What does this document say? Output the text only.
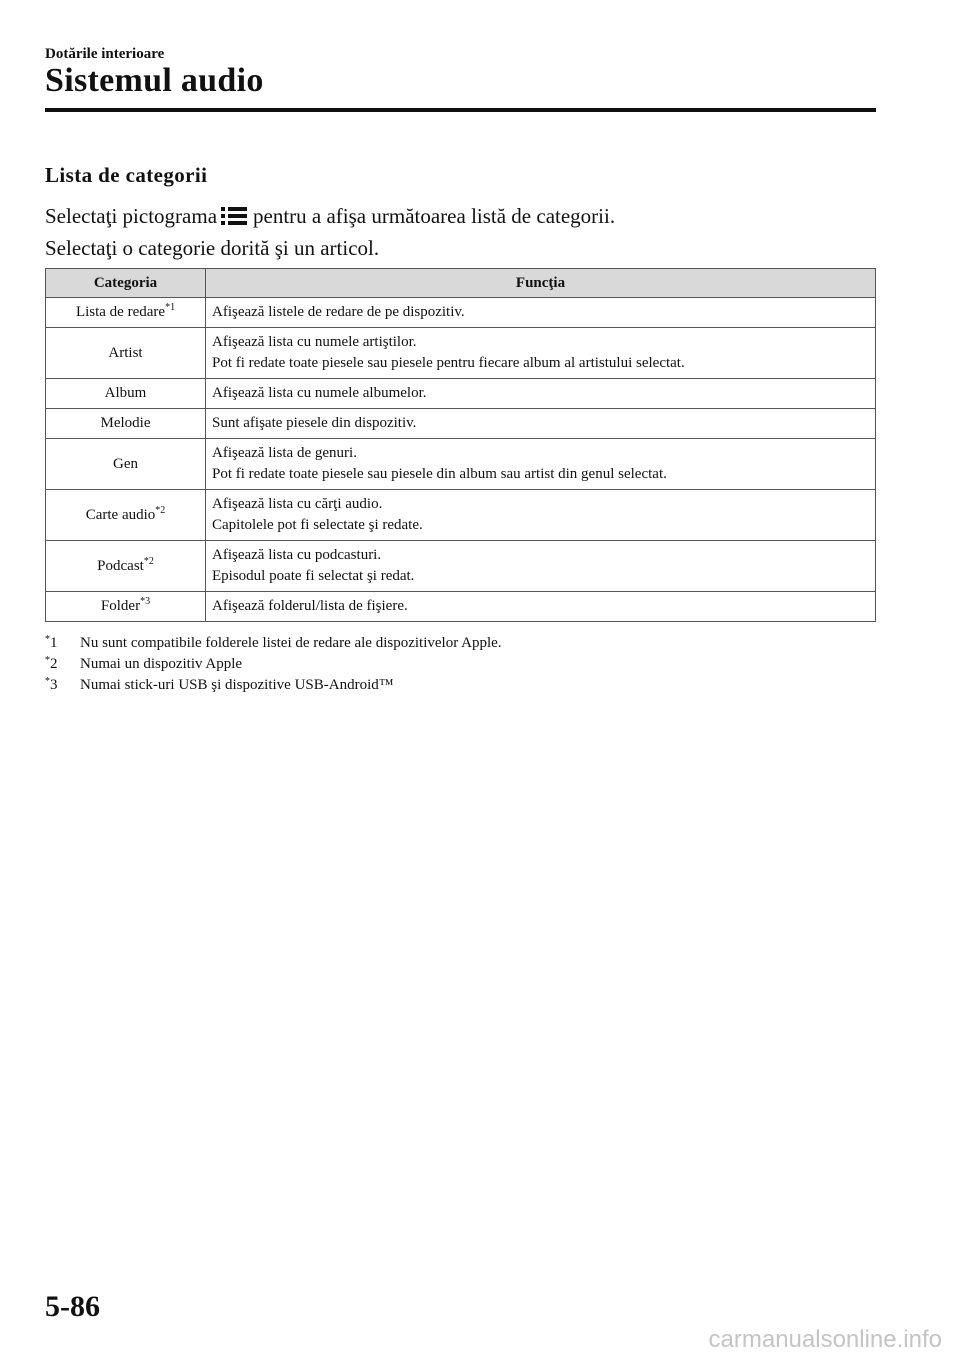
Dotările interioare
Sistemul audio
Lista de categorii

Selectaţi pictograma pentru a afişa următoarea listă de categorii.

Selectaţi o categorie dorită şi un articol.

Categoria	Funcţia
Lista de redare$^{*1}$	Afişează listele de redare de pe dispozitiv.

Artist	Afişează lista cu numele artiştilor.
Pot fi redate toate piesele sau piesele pentru fiecare album al artistului selectat.

Album	Afişează lista cu numele albumelor.

Melodie	Sunt afişate piesele din dispozitiv.

Gen	Afişează lista de genuri.
Pot fi redate toate piesele sau piesele din album sau artist din genul selectat.

Carte audio$^{*2}$	Afişează lista cu cărţi audio.
Capitolele pot fi selectate şi redate.

Podcast$^{*2}$	Afişează lista cu podcasturi.
Episodul poate fi selectat şi redat.

Folder$^{*3}$	Afişează folderul/lista de fişiere.
*1 Nu sunt compatibile folderele listei de redare ale dispozitivelor Apple.
*2 Numai un dispozitiv Apple
*3 Numai stick-uri USB şi dispozitive USB-Android™
5-86
carmanualsonline.info
